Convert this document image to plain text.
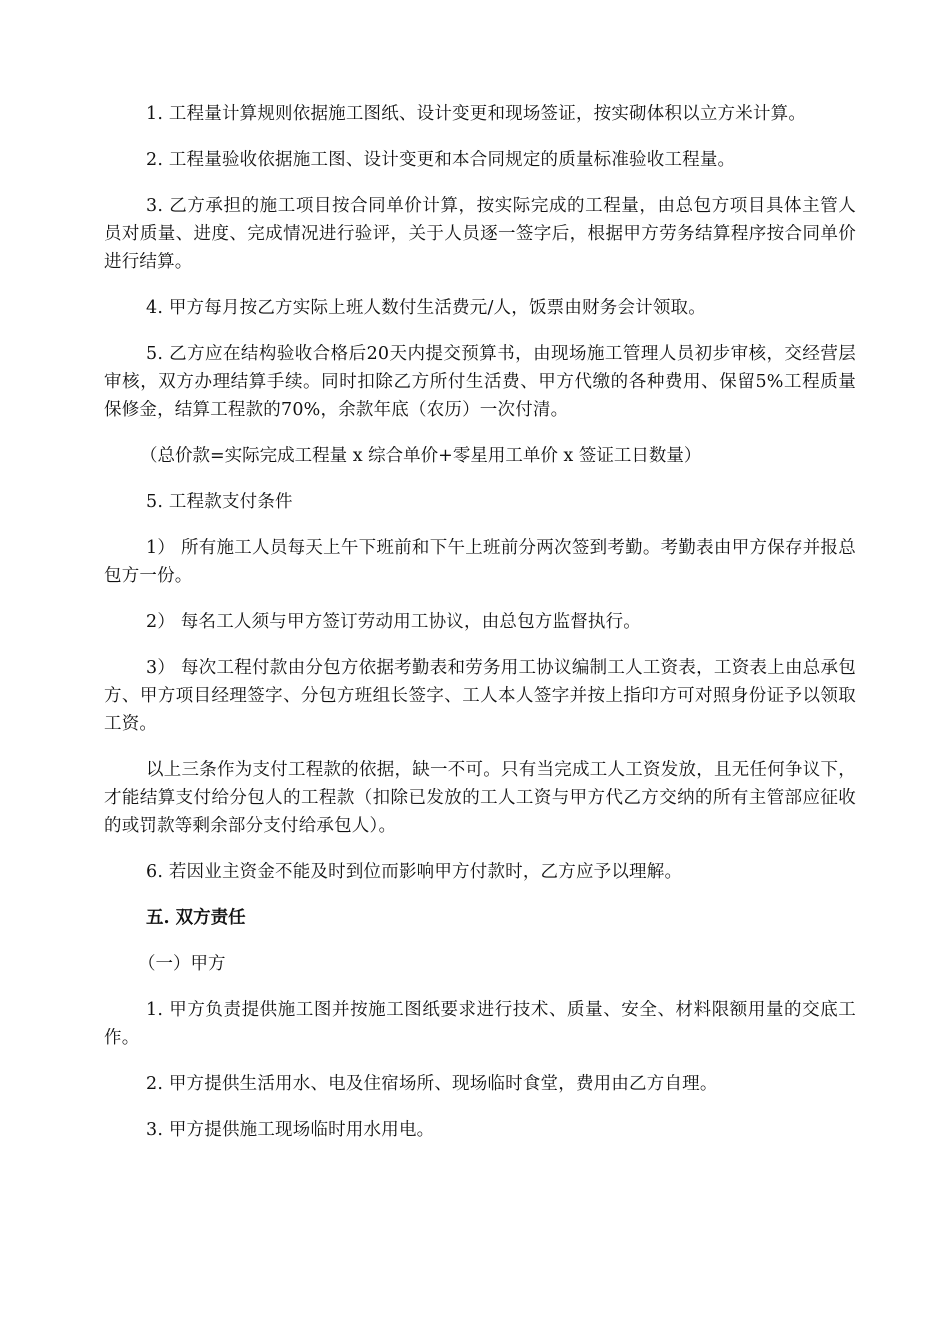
1. 工程量计算规则依据施工图纸、设计变更和现场签证，按实砌体积以立方米计算。

2. 工程量验收依据施工图、设计变更和本合同规定的质量标准验收工程量。

3. 乙方承担的施工项目按合同单价计算，按实际完成的工程量，由总包方项目具体主管人员对质量、进度、完成情况进行验评，关于人员逐一签字后，根据甲方劳务结算程序按合同单价进行结算。

4. 甲方每月按乙方实际上班人数付生活费元/人，饭票由财务会计领取。

5. 乙方应在结构验收合格后20天内提交预算书，由现场施工管理人员初步审核，交经营层审核，双方办理结算手续。同时扣除乙方所付生活费、甲方代缴的各种费用、保留5%工程质量保修金，结算工程款的70%，余款年底（农历）一次付清。

（总价款=实际完成工程量 x 综合单价+零星用工单价 x 签证工日数量）

5. 工程款支付条件

1） 所有施工人员每天上午下班前和下午上班前分两次签到考勤。考勤表由甲方保存并报总包方一份。

2） 每名工人须与甲方签订劳动用工协议，由总包方监督执行。

3） 每次工程付款由分包方依据考勤表和劳务用工协议编制工人工资表，工资表上由总承包方、甲方项目经理签字、分包方班组长签字、工人本人签字并按上指印方可对照身份证予以领取工资。

以上三条作为支付工程款的依据，缺一不可。只有当完成工人工资发放，且无任何争议下，才能结算支付给分包人的工程款（扣除已发放的工人工资与甲方代乙方交纳的所有主管部应征收的或罚款等剩余部分支付给承包人）。

6. 若因业主资金不能及时到位而影响甲方付款时，乙方应予以理解。

五. 双方责任

（一）甲方

1. 甲方负责提供施工图并按施工图纸要求进行技术、质量、安全、材料限额用量的交底工作。

2. 甲方提供生活用水、电及住宿场所、现场临时食堂，费用由乙方自理。

3. 甲方提供施工现场临时用水用电。
